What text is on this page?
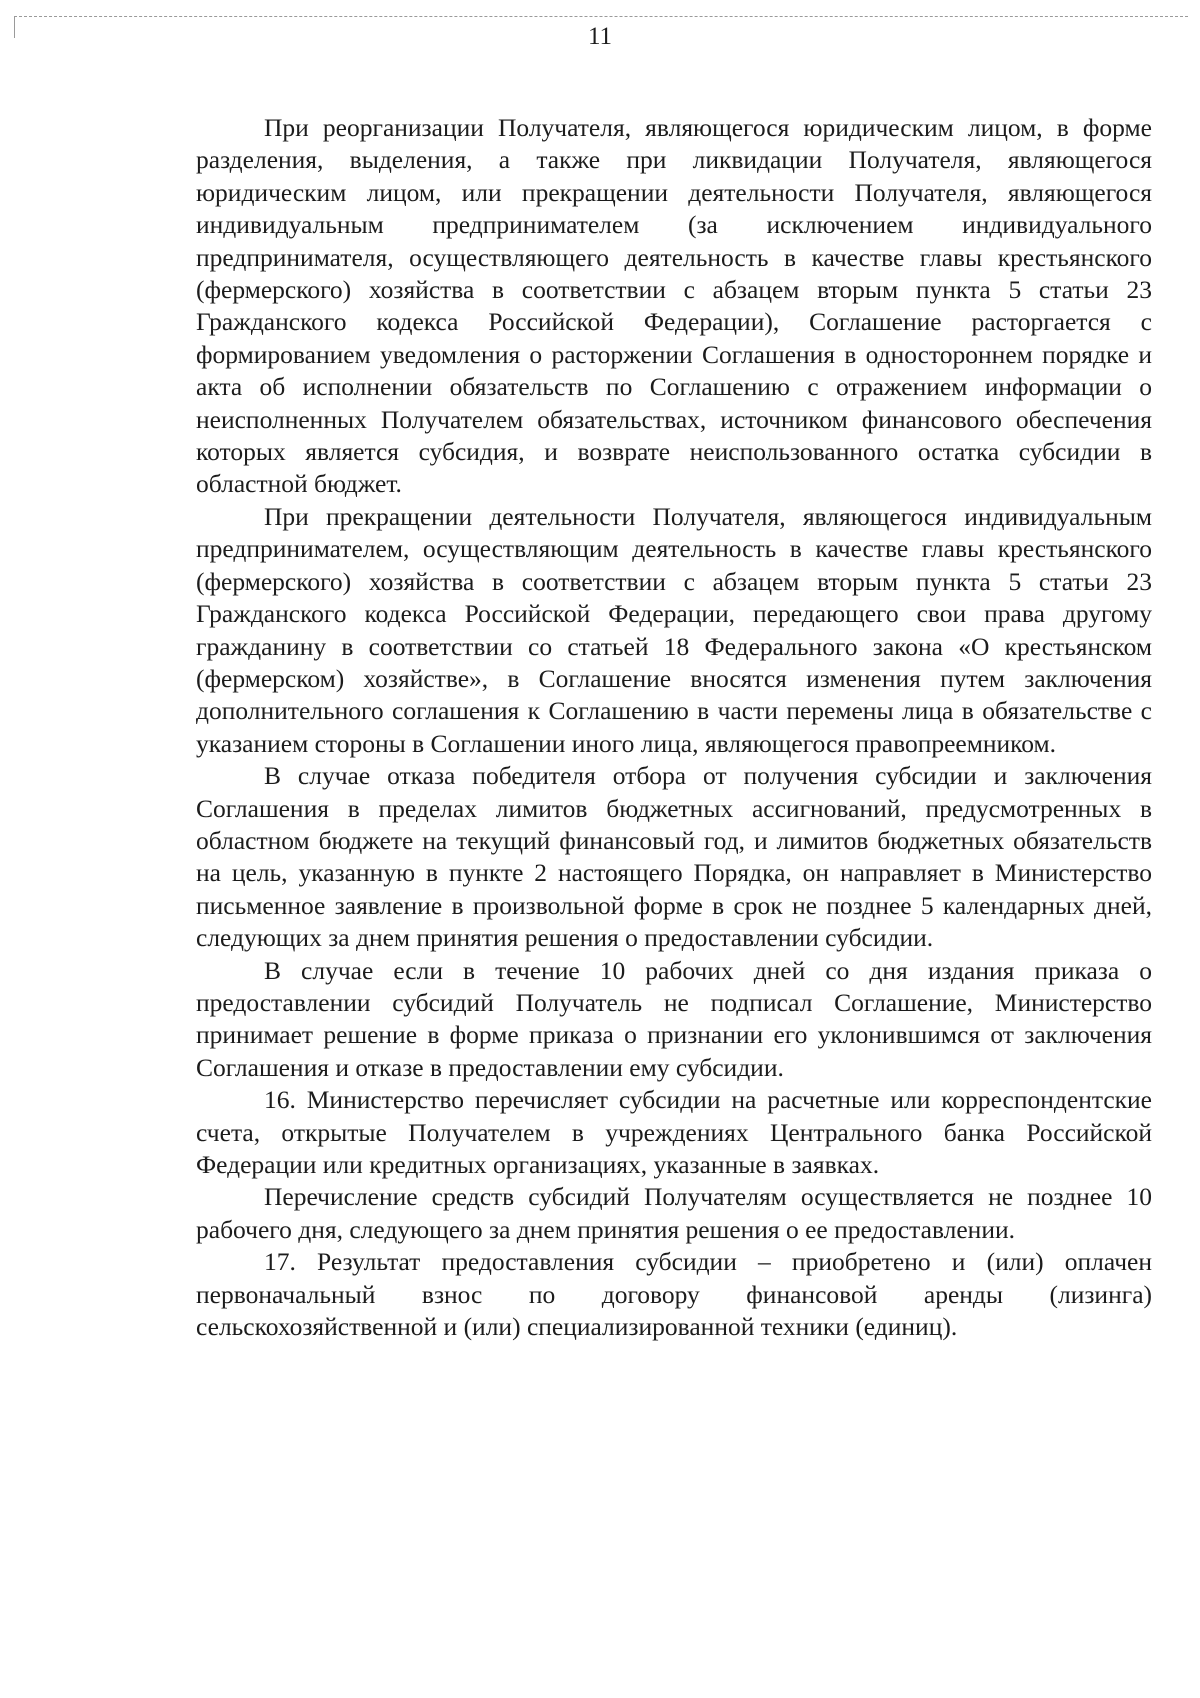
11

При реорганизации Получателя, являющегося юридическим лицом, в форме разделения, выделения, а также при ликвидации Получателя, являющегося юридическим лицом, или прекращении деятельности Получателя, являющегося индивидуальным предпринимателем (за исключением индивидуального предпринимателя, осуществляющего деятельность в качестве главы крестьянского (фермерского) хозяйства в соответствии с абзацем вторым пункта 5 статьи 23 Гражданского кодекса Российской Федерации), Соглашение расторгается с формированием уведомления о расторжении Соглашения в одностороннем порядке и акта об исполнении обязательств по Соглашению с отражением информации о неисполненных Получателем обязательствах, источником финансового обеспечения которых является субсидия, и возврате неиспользованного остатка субсидии в областной бюджет.

При прекращении деятельности Получателя, являющегося индивидуальным предпринимателем, осуществляющим деятельность в качестве главы крестьянского (фермерского) хозяйства в соответствии с абзацем вторым пункта 5 статьи 23 Гражданского кодекса Российской Федерации, передающего свои права другому гражданину в соответствии со статьей 18 Федерального закона «О крестьянском (фермерском) хозяйстве», в Соглашение вносятся изменения путем заключения дополнительного соглашения к Соглашению в части перемены лица в обязательстве с указанием стороны в Соглашении иного лица, являющегося правопреемником.

В случае отказа победителя отбора от получения субсидии и заключения Соглашения в пределах лимитов бюджетных ассигнований, предусмотренных в областном бюджете на текущий финансовый год, и лимитов бюджетных обязательств на цель, указанную в пункте 2 настоящего Порядка, он направляет в Министерство письменное заявление в произвольной форме в срок не позднее 5 календарных дней, следующих за днем принятия решения о предоставлении субсидии.

В случае если в течение 10 рабочих дней со дня издания приказа о предоставлении субсидий Получатель не подписал Соглашение, Министерство принимает решение в форме приказа о признании его уклонившимся от заключения Соглашения и отказе в предоставлении ему субсидии.

16. Министерство перечисляет субсидии на расчетные или корреспондентские счета, открытые Получателем в учреждениях Центрального банка Российской Федерации или кредитных организациях, указанные в заявках.

Перечисление средств субсидий Получателям осуществляется не позднее 10 рабочего дня, следующего за днем принятия решения о ее предоставлении.

17. Результат предоставления субсидии – приобретено и (или) оплачен первоначальный взнос по договору финансовой аренды (лизинга) сельскохозяйственной и (или) специализированной техники (единиц).
